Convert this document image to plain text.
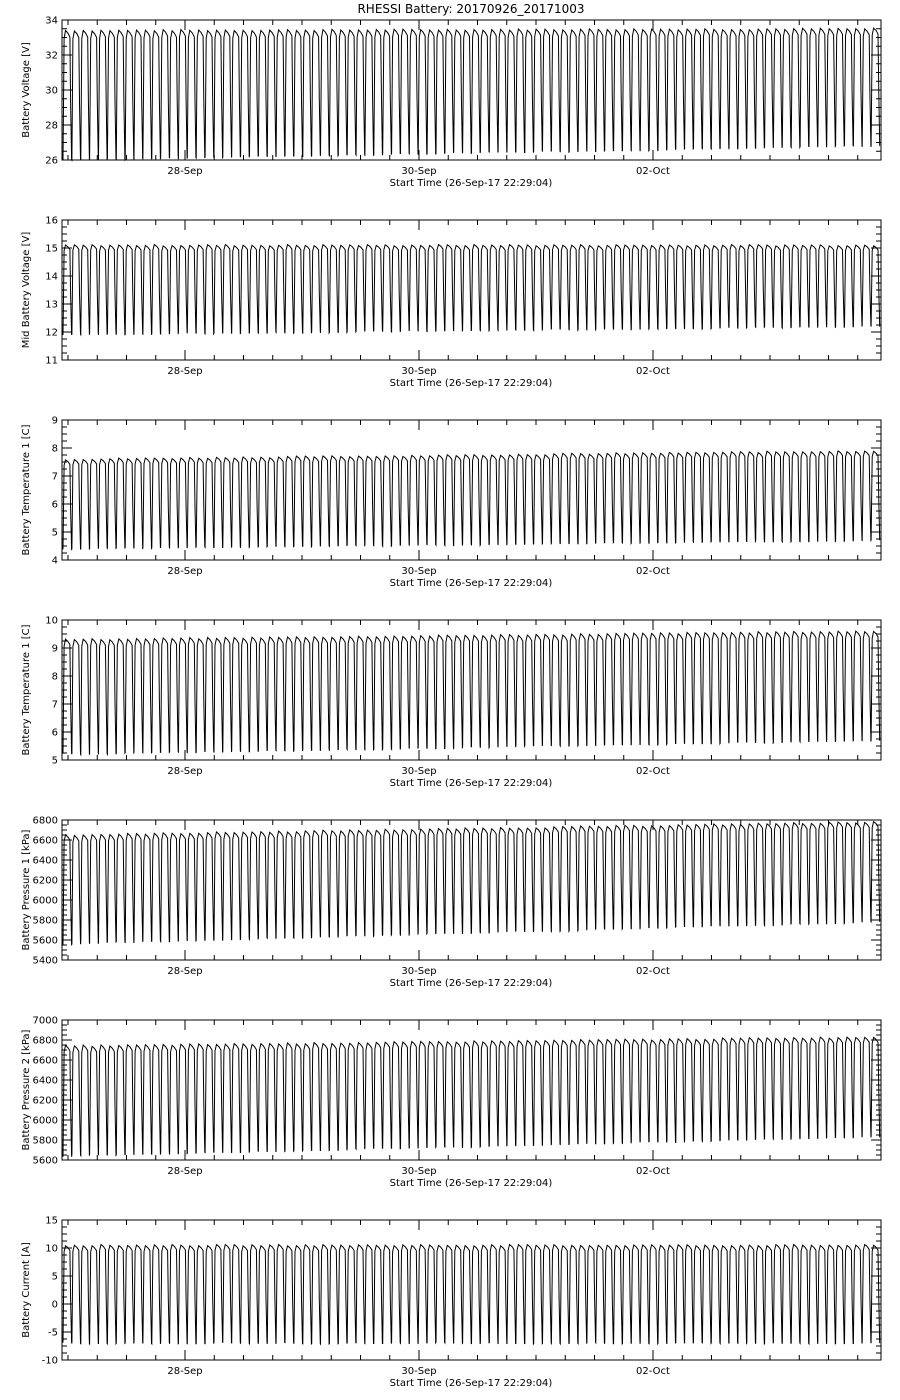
RHESSI Battery: 20170926_20171003
26
28
30
32
34
28-Sep	30-Sep	02-Oct
Start Time (26-Sep-17 22:29:04)
Battery Voltage [V]
11
12
13
14
15
16
28-Sep	30-Sep	02-Oct
Start Time (26-Sep-17 22:29:04)
Mid Battery Voltage [V]
4
5
6
7
8
9
28-Sep	30-Sep	02-Oct
Start Time (26-Sep-17 22:29:04)
Battery Temperature 1 [C]
5
6
7
8
9
10
28-Sep	30-Sep	02-Oct
Start Time (26-Sep-17 22:29:04)
Battery Temperature 1 [C]
5400
5600
5800
6000
6200
6400
6600
6800
28-Sep	30-Sep	02-Oct
Start Time (26-Sep-17 22:29:04)
Battery Pressure 1 [kPa]
5600
5800
6000
6200
6400
6600
6800
7000
28-Sep	30-Sep	02-Oct
Start Time (26-Sep-17 22:29:04)
Battery Pressure 2 [kPa]
-10
-5
0
5
10
15
28-Sep	30-Sep	02-Oct
Start Time (26-Sep-17 22:29:04)
Battery Current [A]
